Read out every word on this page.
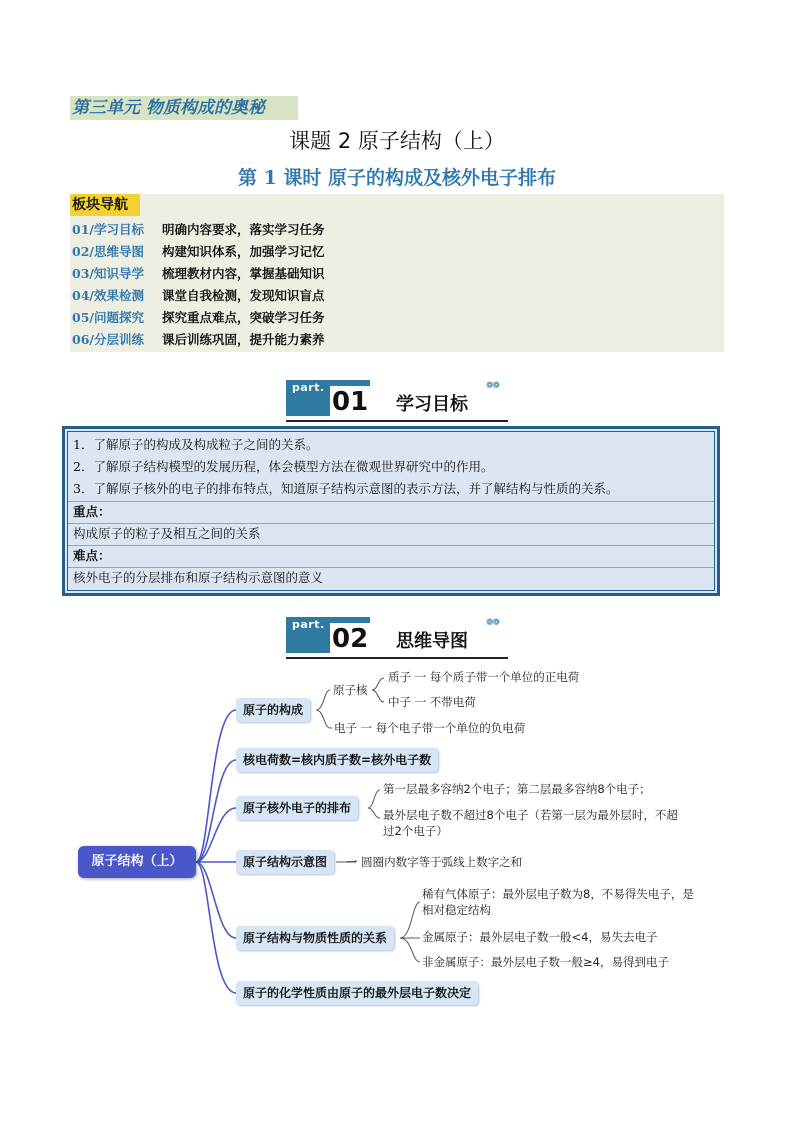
第三单元 物质构成的奥秘
课题 2 原子结构（上）
第 1 课时 原子的构成及核外电子排布
板块导航
01/学习目标	明确内容要求，落实学习任务
02/思维导图	构建知识体系，加强学习记忆
03/知识导学	梳理教材内容，掌握基础知识
04/效果检测	课堂自我检测，发现知识盲点
05/问题探究	探究重点难点，突破学习任务
06/分层训练	课后训练巩固，提升能力素养
part. 01 学习目标
❁❁
1．了解原子的构成及构成粒子之间的关系。
2．了解原子结构模型的发展历程，体会模型方法在微观世界研究中的作用。
3．了解原子核外的电子的排布特点，知道原子结构示意图的表示方法，并了解结构与性质的关系。
重点：
构成原子的粒子及相互之间的关系
难点：
核外电子的分层排布和原子结构示意图的意义
part. 02 思维导图
❁❁
原子结构（上）
原子的构成
核电荷数=核内质子数=核外电子数
原子核外电子的排布
原子结构示意图
原子结构与物质性质的关系
原子的化学性质由原子的最外层电子数决定
原子核
质子 一 每个质子带一个单位的正电荷
中子 一 不带电荷
电子 一 每个电子带一个单位的负电荷
第一层最多容纳2个电子；第二层最多容纳8个电子；
最外层电子数不超过8个电子（若第一层为最外层时，不超
过2个电子）
一 圆圈内数字等于弧线上数字之和
稀有气体原子：最外层电子数为8，不易得失电子，是
相对稳定结构
金属原子：最外层电子数一般<4，易失去电子
非金属原子：最外层电子数一般≥4，易得到电子
